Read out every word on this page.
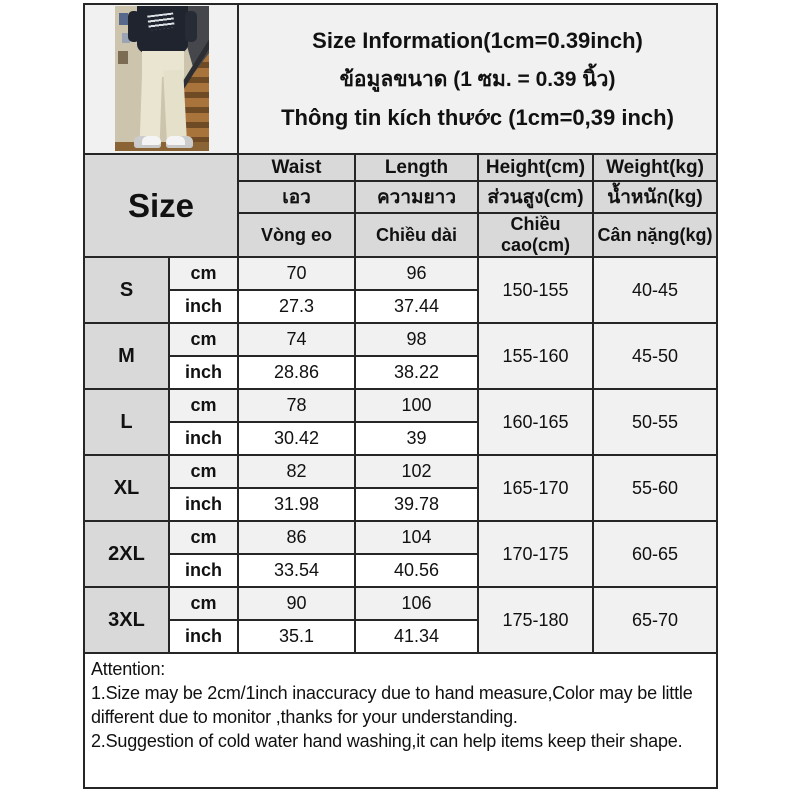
		Size Information(1cm=0.39inch)
ข้อมูลขนาด (1 ซม. = 0.39 นิ้ว)
Thông tin kích thước (1cm=0,39 inch)			

Size		Waist	Length	Height(cm)	Weight(kg)
		เอว	ความยาว	ส่วนสูง(cm)	น้ำหนัก(kg)
		Vòng eo	Chiều dài	Chiều cao(cm)	Cân nặng(kg)
S	cm	70	96	150-155	40-45
	inch	27.3	37.44		
M	cm	74	98	155-160	45-50
	inch	28.86	38.22		
L	cm	78	100	160-165	50-55
	inch	30.42	39		
XL	cm	82	102	165-170	55-60
	inch	31.98	39.78		
2XL	cm	86	104	170-175	60-65
	inch	33.54	40.56		
3XL	cm	90	106	175-180	65-70
	inch	35.1	41.34		

Attention:
1.Size may be 2cm/1inch inaccuracy due to hand measure,Color may be little different due to monitor ,thanks for your understanding.
2.Suggestion of cold water hand washing,it can help items keep their shape.					
